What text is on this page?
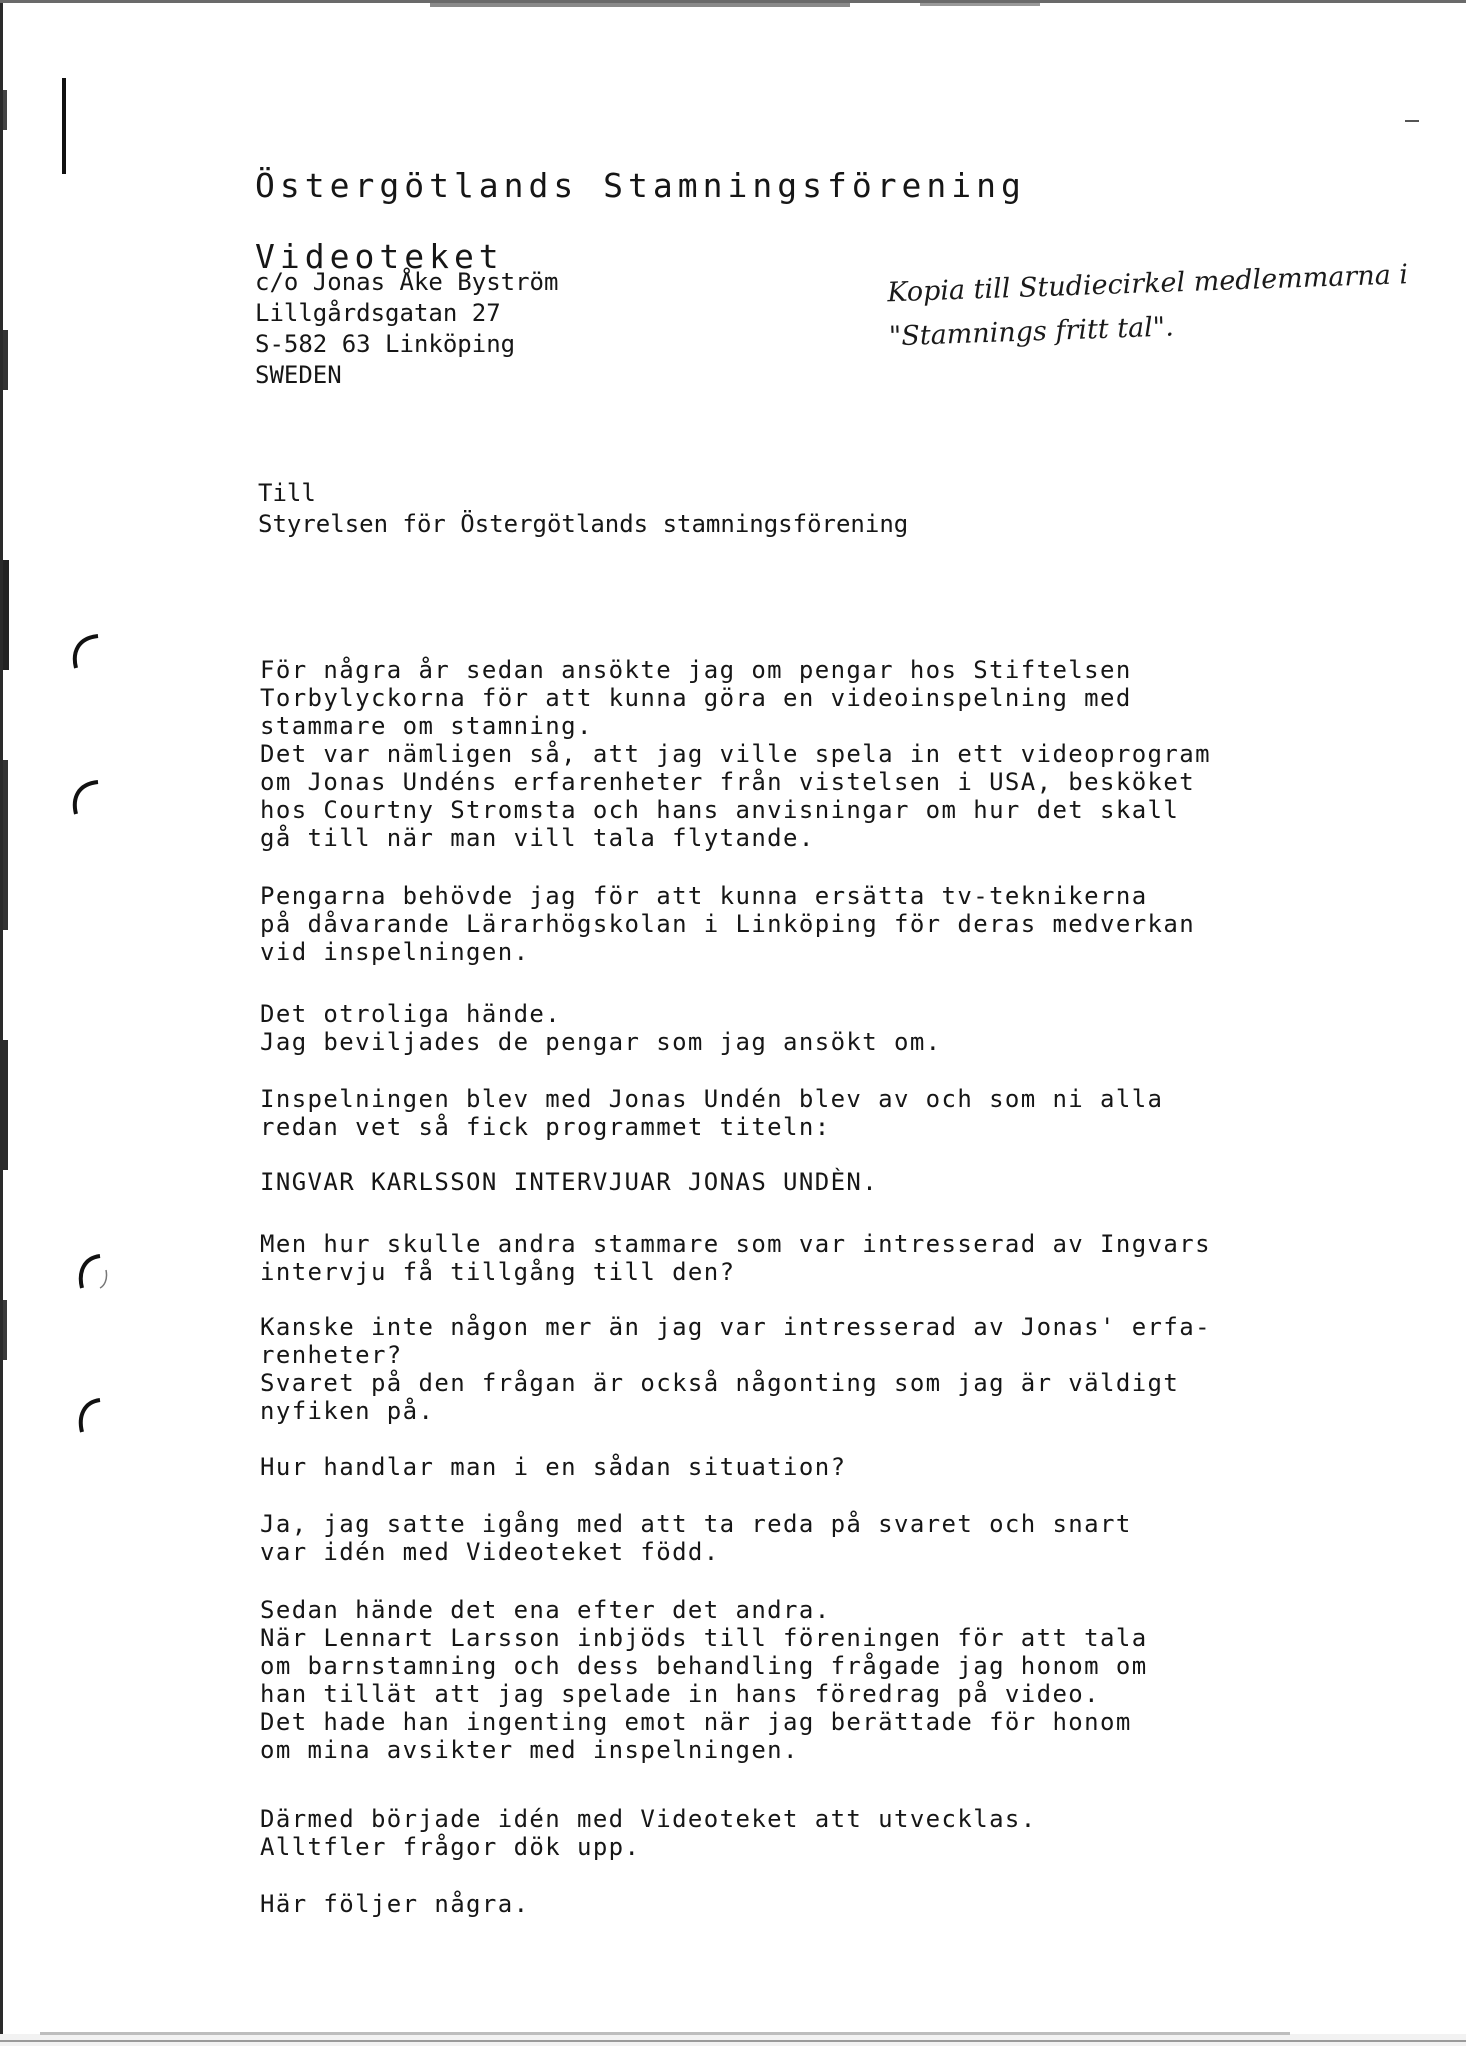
Östergötlands Stamningsförening
Videoteket
c/o Jonas Åke Byström
Lillgårdsgatan 27
S-582 63 Linköping
SWEDEN

Kopia till Studiecirkel medlemmarna i "Stamnings fritt tal".

Till
Styrelsen för Östergötlands stamningsförening

För några år sedan ansökte jag om pengar hos Stiftelsen
Torbylyckorna för att kunna göra en videoinspelning med
stammare om stamning.
Det var nämligen så, att jag ville spela in ett videoprogram
om Jonas Undéns erfarenheter från vistelsen i USA, besköket
hos Courtny Stromsta och hans anvisningar om hur det skall
gå till när man vill tala flytande.

Pengarna behövde jag för att kunna ersätta tv-teknikerna
på dåvarande Lärarhögskolan i Linköping för deras medverkan
vid inspelningen.

Det otroliga hände.
Jag beviljades de pengar som jag ansökt om.

Inspelningen blev med Jonas Undén blev av och som ni alla
redan vet så fick programmet titeln:

INGVAR KARLSSON INTERVJUAR JONAS UNDÈN.

Men hur skulle andra stammare som var intresserad av Ingvars
intervju få tillgång till den?

Kanske inte någon mer än jag var intresserad av Jonas' erfa-
renheter?
Svaret på den frågan är också någonting som jag är väldigt
nyfiken på.

Hur handlar man i en sådan situation?

Ja, jag satte igång med att ta reda på svaret och snart
var idén med Videoteket född.

Sedan hände det ena efter det andra.
När Lennart Larsson inbjöds till föreningen för att tala
om barnstamning och dess behandling frågade jag honom om
han tillät att jag spelade in hans föredrag på video.
Det hade han ingenting emot när jag berättade för honom
om mina avsikter med inspelningen.

Därmed började idén med Videoteket att utvecklas.
Alltfler frågor dök upp.

Här följer några.
